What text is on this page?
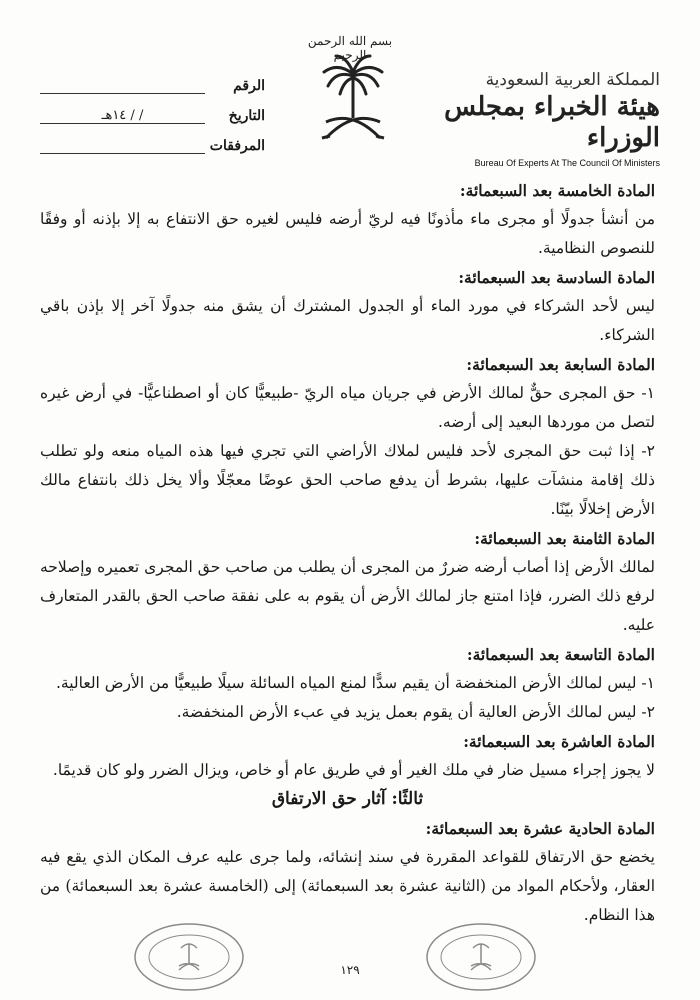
بسم الله الرحمن الرحيم
المملكة العربية السعودية
هيئة الخبراء بمجلس الوزراء
Bureau Of Experts At The Council Of Ministers
الرقم
التاريخ
/ / ١٤هـ
المرفقات

المادة الخامسة بعد السبعمائة:

من أنشأ جدولًا أو مجرى ماء مأذونًا فيه لريّ أرضه فليس لغيره حق الانتفاع به إلا بإذنه أو وفقًا للنصوص النظامية.

المادة السادسة بعد السبعمائة:

ليس لأحد الشركاء في مورد الماء أو الجدول المشترك أن يشق منه جدولًا آخر إلا بإذن باقي الشركاء.

المادة السابعة بعد السبعمائة:

١- حق المجرى حقٌّ لمالك الأرض في جريان مياه الريّ -طبيعيًّا كان أو اصطناعيًّا- في أرض غيره لتصل من موردها البعيد إلى أرضه.

٢- إذا ثبت حق المجرى لأحد فليس لملاك الأراضي التي تجري فيها هذه المياه منعه ولو تطلب ذلك إقامة منشآت عليها، بشرط أن يدفع صاحب الحق عوضًا معجّلًا وألا يخل ذلك بانتفاع مالك الأرض إخلالًا بيّنًا.

المادة الثامنة بعد السبعمائة:

لمالك الأرض إذا أصاب أرضه ضررٌ من المجرى أن يطلب من صاحب حق المجرى تعميره وإصلاحه لرفع ذلك الضرر، فإذا امتنع جاز لمالك الأرض أن يقوم به على نفقة صاحب الحق بالقدر المتعارف عليه.

المادة التاسعة بعد السبعمائة:

١- ليس لمالك الأرض المنخفضة أن يقيم سدًّا لمنع المياه السائلة سيلًا طبيعيًّا من الأرض العالية.

٢- ليس لمالك الأرض العالية أن يقوم بعمل يزيد في عبء الأرض المنخفضة.

المادة العاشرة بعد السبعمائة:

لا يجوز إجراء مسيل ضار في ملك الغير أو في طريق عام أو خاص، ويزال الضرر ولو كان قديمًا.

ثالثًا: آثار حق الارتفاق

المادة الحادية عشرة بعد السبعمائة:

يخضع حق الارتفاق للقواعد المقررة في سند إنشائه، ولما جرى عليه عرف المكان الذي يقع فيه العقار، ولأحكام المواد من (الثانية عشرة بعد السبعمائة) إلى (الخامسة عشرة بعد السبعمائة) من هذا النظام.

١٢٩
